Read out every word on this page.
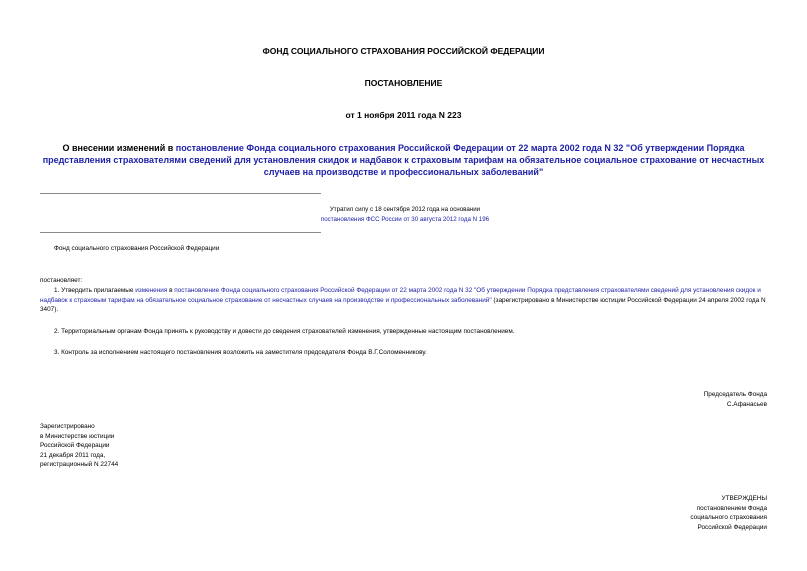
ФОНД СОЦИАЛЬНОГО СТРАХОВАНИЯ РОССИЙСКОЙ ФЕДЕРАЦИИ
ПОСТАНОВЛЕНИЕ
от 1 ноября 2011 года N 223
О внесении изменений в постановление Фонда социального страхования Российской Федерации от 22 марта 2002 года N 32 "Об утверждении Порядка представления страхователями сведений для установления скидок и надбавок к страховым тарифам на обязательное социальное страхование от несчастных случаев на производстве и профессиональных заболеваний"
Утратил силу с 18 сентября 2012 года на основании
постановления ФСС России от 30 августа 2012 года N 196
Фонд социального страхования Российской Федерации
постановляет:
1. Утвердить прилагаемые изменения в постановление Фонда социального страхования Российской Федерации от 22 марта 2002 года N 32 "Об утверждении Порядка представления страхователями сведений для установления скидок и надбавок к страховым тарифам на обязательное социальное страхование от несчастных случаев на производстве и профессиональных заболеваний" (зарегистрировано в Министерстве юстиции Российской Федерации 24 апреля 2002 года N 3407).
2. Территориальным органам Фонда принять к руководству и довести до сведения страхователей изменения, утвержденные настоящим постановлением.
3. Контроль за исполнением настоящего постановления возложить на заместителя председателя Фонда В.Г.Соломенникову.
Председатель Фонда
С.Афанасьев
Зарегистрировано
в Министерстве юстиции
Российской Федерации
21 декабря 2011 года,
регистрационный N 22744
УТВЕРЖДЕНЫ
постановлением Фонда
социального страхования
Российской Федерации
